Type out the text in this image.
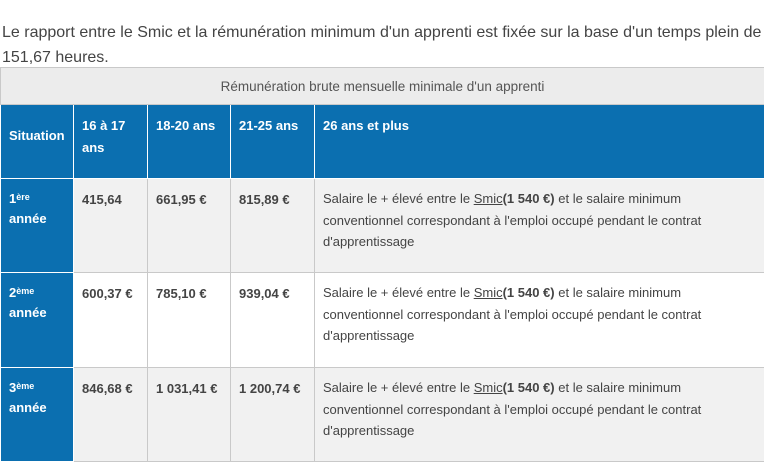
Le rapport entre le Smic et la rémunération minimum d'un apprenti est fixée sur la base d'un temps plein de 151,67 heures.

Rémunération brute mensuelle minimale d'un apprenti				

Situation	16 à 17 ans	18-20 ans	21-25 ans	26 ans et plus

1ère
année	415,64	661,95 €	815,89 €	Salaire le + élevé entre le Smic(1 540 €) et le salaire minimum conventionnel correspondant à l'emploi occupé pendant le contrat d'apprentissage

2ème
année	600,37 €	785,10 €	939,04 €	Salaire le + élevé entre le Smic(1 540 €) et le salaire minimum conventionnel correspondant à l'emploi occupé pendant le contrat d'apprentissage

3ème
année	846,68 €	1 031,41 €	1 200,74 €	Salaire le + élevé entre le Smic(1 540 €) et le salaire minimum conventionnel correspondant à l'emploi occupé pendant le contrat d'apprentissage
